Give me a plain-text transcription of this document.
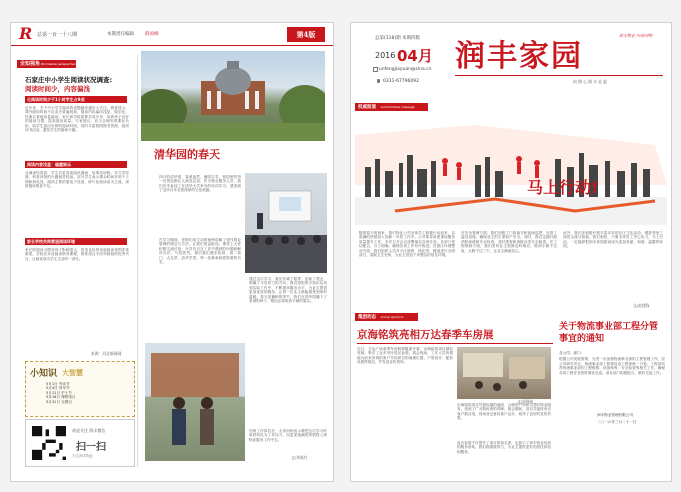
R 总第一百一十八期	本期责任编辑 薛国峰	第4版
全知视角 Worldwide perspective
石家庄中小学生阅读状况调查:
阅读时间少，内容偏浅
日阅读时间少于1小时学生占9成
近年来，关于中小学生阅读的话题越来越引人关注。调查显示，课外阅读时间不足成为普遍现象，阅读内容偏向浅显、娱乐化，经典名著阅读量偏低，家长和学校需要共同引导，培养孩子良好的阅读习惯，提高阅读质量。专家建议，应当合理安排课业负担，给学生留出足够的阅读时间，同时丰富校园图书资源，组织读书活动，激发学生的阅读兴趣。
阅读内容浅显：偏重娱乐
从调查结果看，学生们更喜欢阅读漫画、故事类读物，对文学经典、科普读物的兴趣相对较低。部分学生表示课余时间多用于上网和看电视，阅读主要依靠电子设备，碎片化阅读成为主流，深度阅读明显不足。
家长学校共同营造阅读环境
家长的阅读习惯对孩子影响很大，营造良好的家庭阅读氛围非常重要。学校应开设阅读指导课程，推荐适合不同年龄段的优秀书目，让阅读成为学生生活的一部分。
来源：河北新闻网
小知识 大智慧
5月1日 劳动节
5月4日 青年节
5月12日 护士节
5月18日 博物馆日
5月31日 无烟日
欢迎关注 润丰微信
扫一扫
关注润丰物业
清华园的春天
四月的清华园，春意盎然，满园芬芳。校园里的每一处景色都让人流连忘返，作为物业服务人员，我们有幸参加了在清华大学举办的培训学习，感受到了这所百年名校深厚的文化底蕴。
在学习期间，老师们用生动的案例讲解了现代物业管理的理念与方法，让我们受益匪浅。课堂上大家积极交流讨论，分享各自在工作中遇到的问题和解决办法，气氛热烈。课后我们漫步校园，看二校门、大礼堂、清华学堂，每一处都承载着厚重的历史。
通过这次学习，我们开阔了眼界，更新了观念，明确了今后努力的方向。我们将把所学知识运用到实际工作中，不断提高服务水平，为业主提供更加优质的服务，让每一位业主都能感受到家的温暖。春天是播种的季节，我们在清华园播下了希望的种子，相信必将收获丰硕的果实。
回到工作岗位后，大家纷纷表示要把这次学习的收获转化为工作动力，以更加饱满的热情投入到物业服务工作中去。
文/刘英红
总第(118)期 本期四版
2016 04月
runfengjiayuan@sina.cn
0311-67796092
润丰家园
润丰物业 内部刊物
向润心润丰走起
权威报道 Authoritative message
马上行动!
随着春天的到来，我们物业公司全体员工积极行动起来，以饱满的热情投入到新一年的工作中。公司领导高度重视服务质量提升工作，多次召开会议部署落实各项任务。各部门密切配合，分工明确，确保各项工作有序推进。在园区环境整治方面，我们组织人员对小区道路、绿化带、楼道进行全面清扫，清除卫生死角，为业主营造干净整洁的居住环境。
在安全管理方面，我们加强了门岗值守和夜间巡逻，完善了监控设施，确保业主的生命财产安全。同时，我们定期开展消防演练和安全检查，及时排查和消除各类安全隐患。在工程维修方面，我们坚持业主报修及时响应，做到小修不过夜、大修不过三天，让业主满意放心。
此外，我们还积极开展丰富多彩的社区文化活动，增进邻里之间的交流与和谐。我们相信，只要全体员工齐心协力，马上行动，一定能够把润丰家园建设成为更加美丽、和谐、温馨的家园。
文/赵建锋
集团动态 Group dynamic
京海铭筑亮相万达春季车房展
近日，万达广场春季车房联展隆重开幕，京海铭筑项目精彩亮相，吸引了众多市民驻足参观。展会现场，工作人员热情地为前来咨询的客户介绍项目的地理位置、户型设计、配套设施等情况，并发放宣传资料。
京海铭筑项目凭借优越的地段、合理的户型和完善的物业服务，受到了广大购房者的青睐。展会期间，项目共接待来访客户数百组，现场登记意向客户众多，取得了良好的宣传效果。
此次参展不仅提升了项目的知名度，也展示了润丰物业优质的服务形象。我们将继续努力，为业主提供更好的居住体验和服务。
文/周瑞英
关于物流事业部工程分管事宜的通知
各公司、部门：
根据公司发展需要，为进一步加强物流事业部的工程管理工作，经公司研究决定，物流事业部工程事宜由工程部统一分管。工程部负责物流事业部的工程维修、设备保养、安全检查等相关工作，确保各项工程任务按时保质完成。请各部门积极配合，做好交接工作。
润丰物业管理有限公司
二〇一六年三月二十一日
